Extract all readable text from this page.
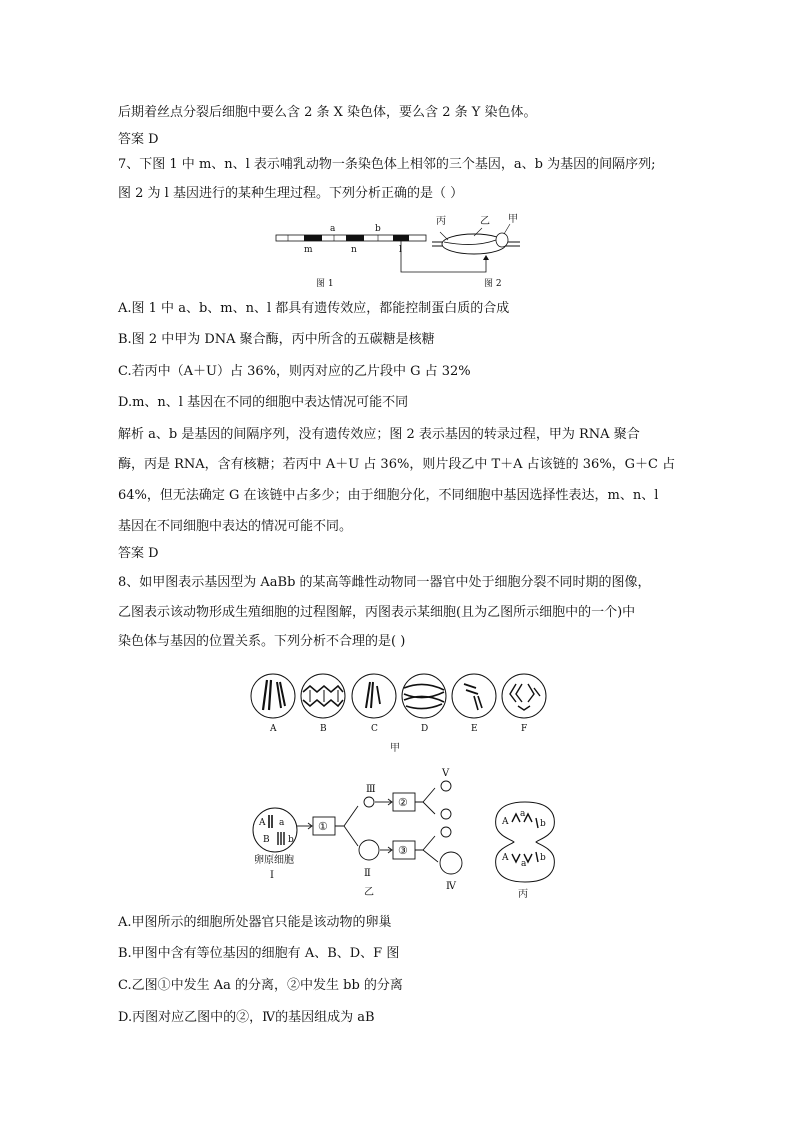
后期着丝点分裂后细胞中要么含 2 条 X 染色体，要么含 2 条 Y 染色体。
答案 D
7、下图 1 中 m、n、l 表示哺乳动物一条染色体上相邻的三个基因，a、b 为基因的间隔序列;
图 2 为 l 基因进行的某种生理过程。下列分析正确的是（ ）
a	b
m	n	l
丙	乙 甲
图 1	图 2
A.图 1 中 a、b、m、n、l 都具有遗传效应，都能控制蛋白质的合成
B.图 2 中甲为 DNA 聚合酶，丙中所含的五碳糖是核糖
C.若丙中（A＋U）占 36%，则丙对应的乙片段中 G 占 32%
D.m、n、l 基因在不同的细胞中表达情况可能不同
解析 a、b 是基因的间隔序列，没有遗传效应；图 2 表示基因的转录过程，甲为 RNA 聚合
酶，丙是 RNA，含有核糖；若丙中 A＋U 占 36%，则片段乙中 T＋A 占该链的 36%，G＋C 占
64%，但无法确定 G 在该链中占多少；由于细胞分化，不同细胞中基因选择性表达，m、n、l
基因在不同细胞中表达的情况可能不同。
答案 D
8、如甲图表示基因型为 AaBb 的某高等雌性动物同一器官中处于细胞分裂不同时期的图像，
乙图表示该动物形成生殖细胞的过程图解，丙图表示某细胞(且为乙图所示细胞中的一个)中
染色体与基因的位置关系。下列分析不合理的是( )
A	B	C	D	E	F
甲
A a
B b
卵原细胞
Ⅰ
①
Ⅲ
②
Ⅴ
Ⅱ
③
Ⅳ
乙
A
a
b
A
a
b
丙
A.甲图所示的细胞所处器官只能是该动物的卵巢
B.甲图中含有等位基因的细胞有 A、B、D、F 图
C.乙图①中发生 Aa 的分离，②中发生 bb 的分离
D.丙图对应乙图中的②，Ⅳ的基因组成为 aB
